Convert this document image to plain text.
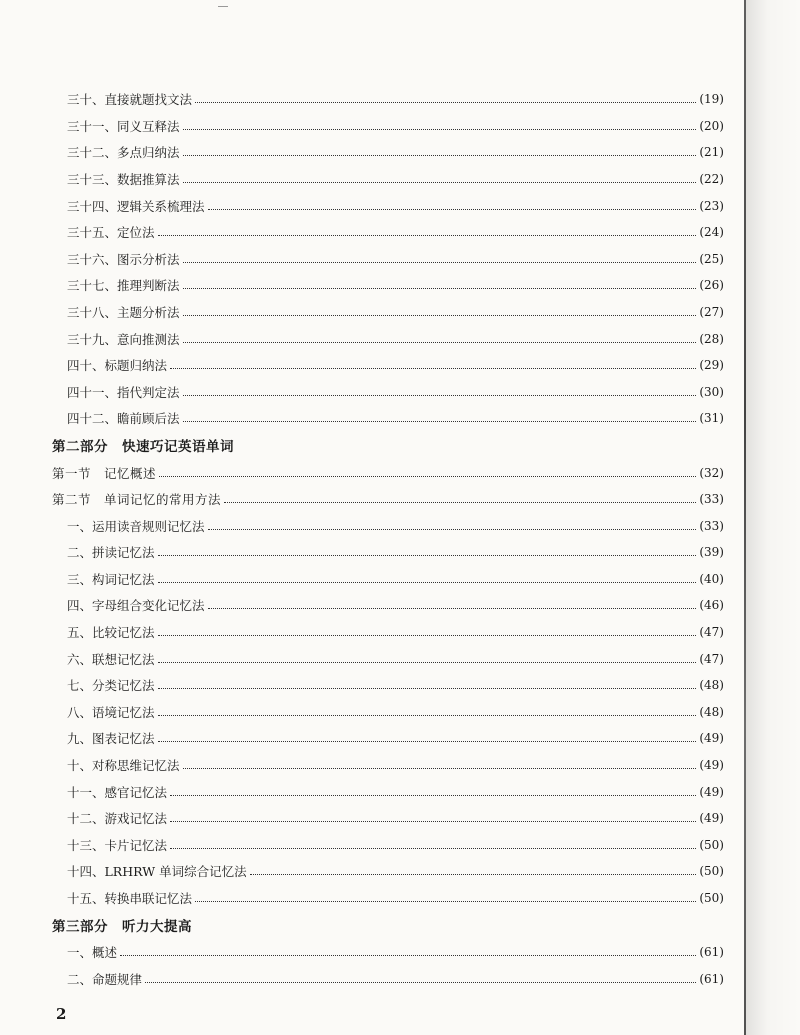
三十、直接就题找文法	(19)
三十一、同义互释法	(20)
三十二、多点归纳法	(21)
三十三、数据推算法	(22)
三十四、逻辑关系梳理法	(23)
三十五、定位法	(24)
三十六、图示分析法	(25)
三十七、推理判断法	(26)
三十八、主题分析法	(27)
三十九、意向推测法	(28)
四十、标题归纳法	(29)
四十一、指代判定法	(30)
四十二、瞻前顾后法	(31)
第二部分 快速巧记英语单词
第一节　记忆概述	(32)
第二节　单词记忆的常用方法	(33)
一、运用读音规则记忆法	(33)
二、拼读记忆法	(39)
三、构词记忆法	(40)
四、字母组合变化记忆法	(46)
五、比较记忆法	(47)
六、联想记忆法	(47)
七、分类记忆法	(48)
八、语境记忆法	(48)
九、图表记忆法	(49)
十、对称思维记忆法	(49)
十一、感官记忆法	(49)
十二、游戏记忆法	(49)
十三、卡片记忆法	(50)
十四、LRHRW 单词综合记忆法	(50)
十五、转换串联记忆法	(50)
第三部分 听力大提高
一、概述	(61)
二、命题规律	(61)
2
